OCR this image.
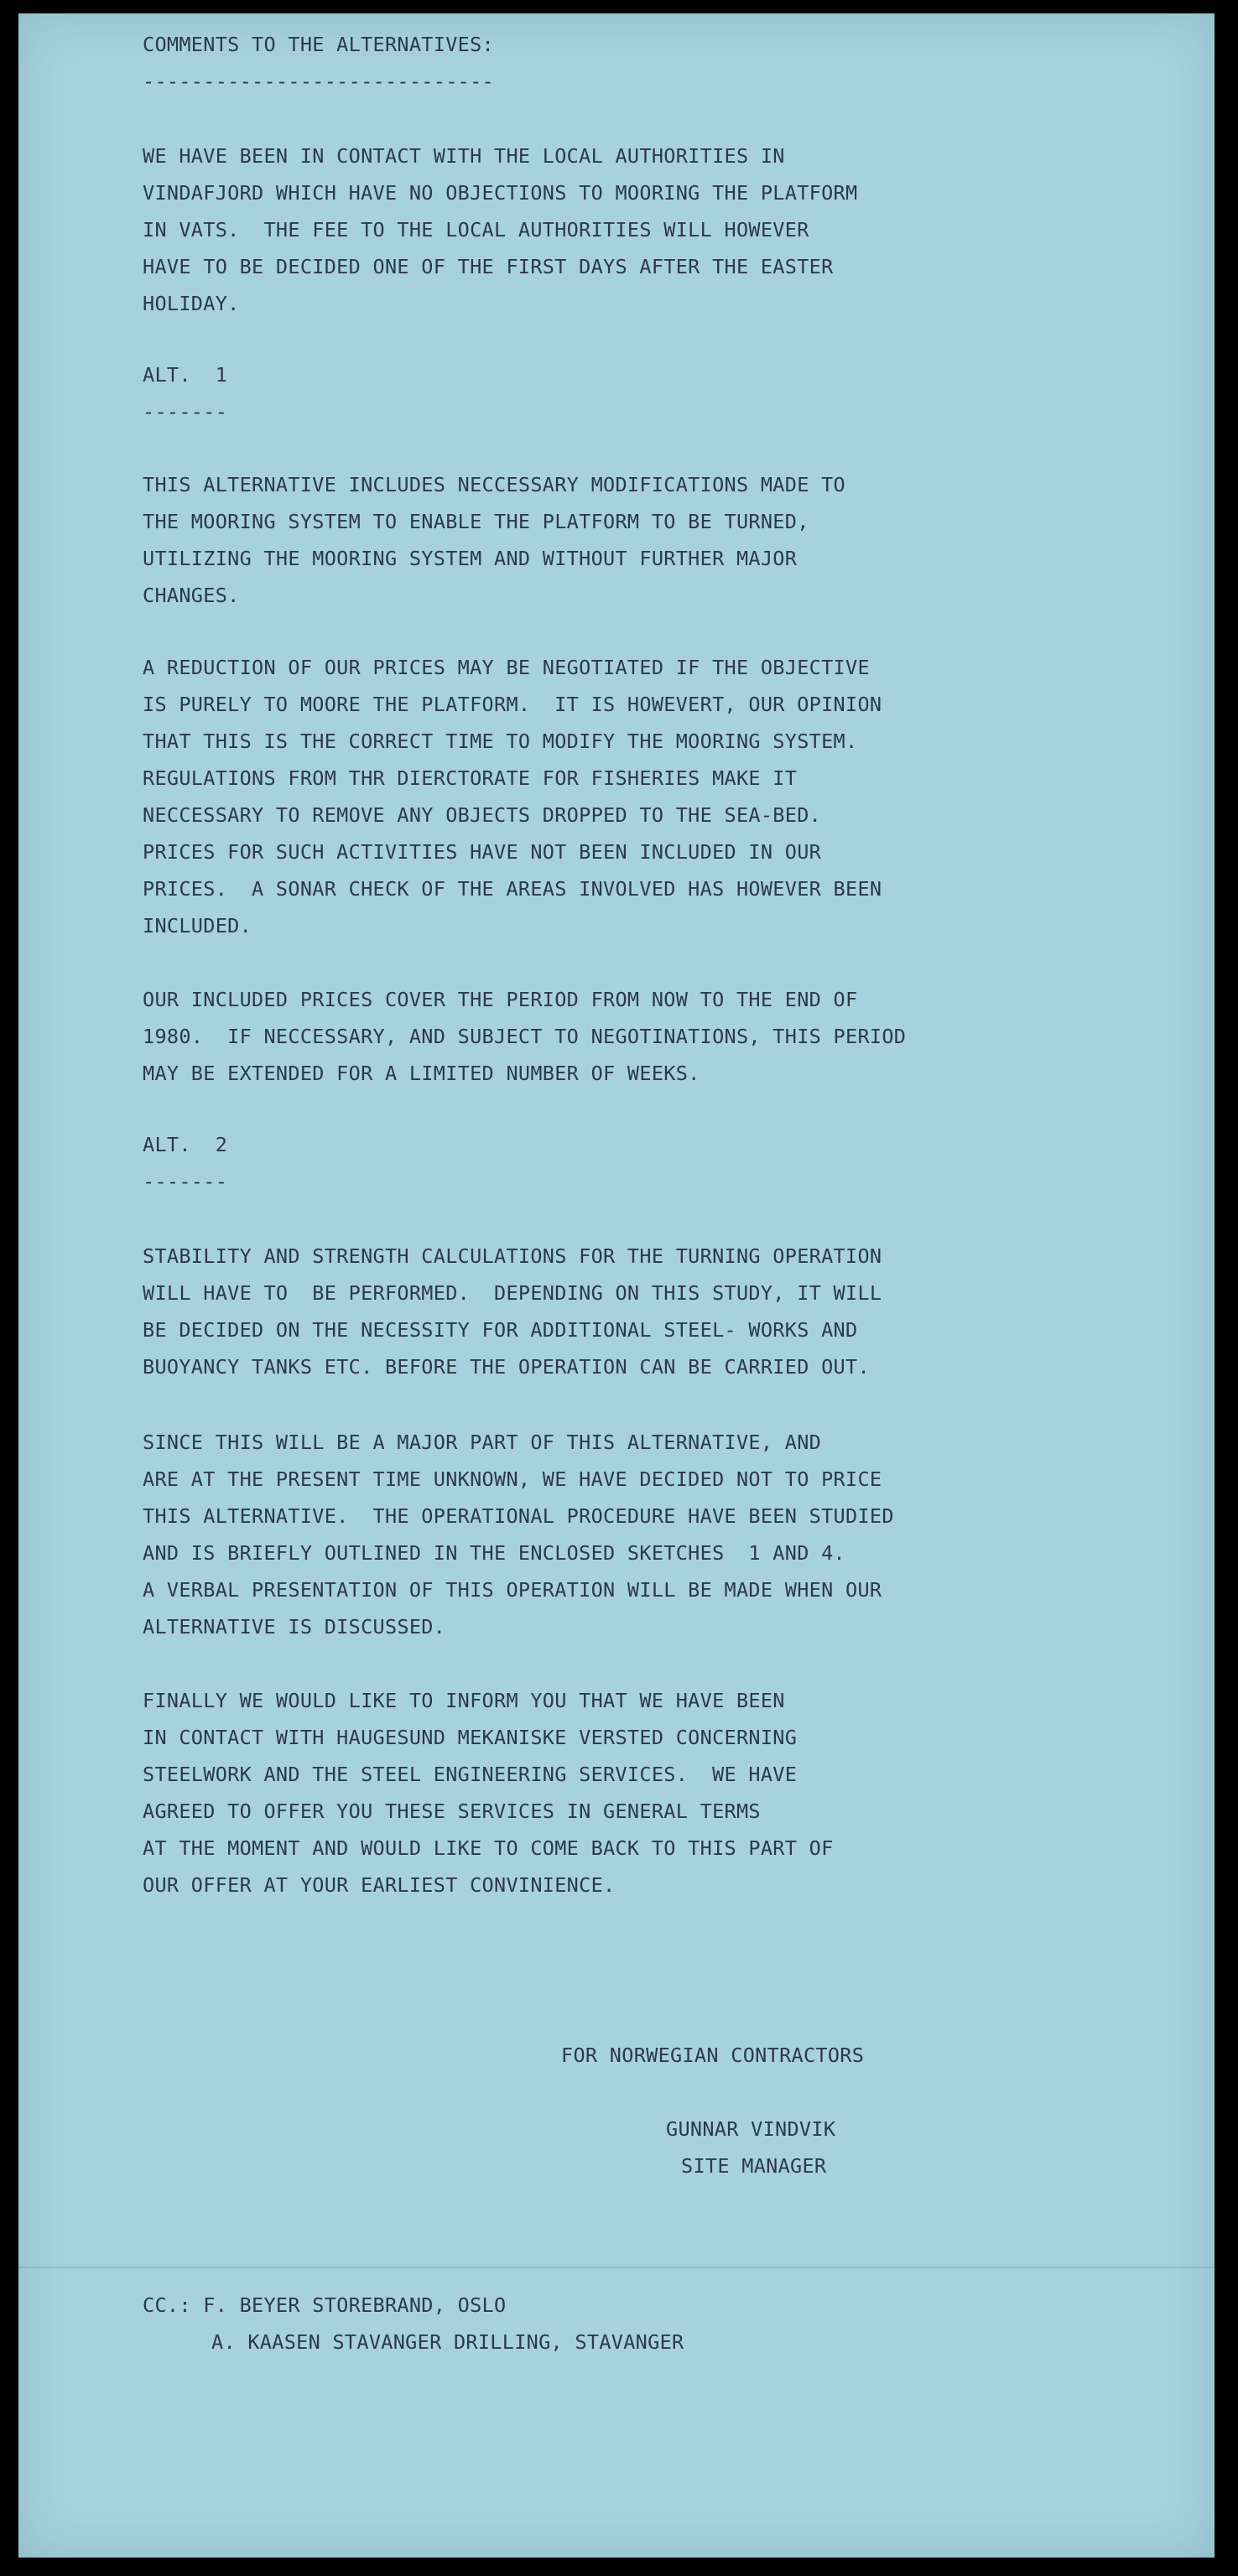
COMMENTS TO THE ALTERNATIVES:
-----------------------------
WE HAVE BEEN IN CONTACT WITH THE LOCAL AUTHORITIES IN
VINDAFJORD WHICH HAVE NO OBJECTIONS TO MOORING THE PLATFORM
IN VATS.  THE FEE TO THE LOCAL AUTHORITIES WILL HOWEVER
HAVE TO BE DECIDED ONE OF THE FIRST DAYS AFTER THE EASTER
HOLIDAY.
ALT.  1
-------
THIS ALTERNATIVE INCLUDES NECCESSARY MODIFICATIONS MADE TO
THE MOORING SYSTEM TO ENABLE THE PLATFORM TO BE TURNED,
UTILIZING THE MOORING SYSTEM AND WITHOUT FURTHER MAJOR
CHANGES.
A REDUCTION OF OUR PRICES MAY BE NEGOTIATED IF THE OBJECTIVE
IS PURELY TO MOORE THE PLATFORM.  IT IS HOWEVERT, OUR OPINION
THAT THIS IS THE CORRECT TIME TO MODIFY THE MOORING SYSTEM.
REGULATIONS FROM THR DIERCTORATE FOR FISHERIES MAKE IT
NECCESSARY TO REMOVE ANY OBJECTS DROPPED TO THE SEA-BED.
PRICES FOR SUCH ACTIVITIES HAVE NOT BEEN INCLUDED IN OUR
PRICES.  A SONAR CHECK OF THE AREAS INVOLVED HAS HOWEVER BEEN
INCLUDED.
OUR INCLUDED PRICES COVER THE PERIOD FROM NOW TO THE END OF
1980.  IF NECCESSARY, AND SUBJECT TO NEGOTINATIONS, THIS PERIOD
MAY BE EXTENDED FOR A LIMITED NUMBER OF WEEKS.
ALT.  2
-------
STABILITY AND STRENGTH CALCULATIONS FOR THE TURNING OPERATION
WILL HAVE TO  BE PERFORMED.  DEPENDING ON THIS STUDY, IT WILL
BE DECIDED ON THE NECESSITY FOR ADDITIONAL STEEL- WORKS AND
BUOYANCY TANKS ETC. BEFORE THE OPERATION CAN BE CARRIED OUT.
SINCE THIS WILL BE A MAJOR PART OF THIS ALTERNATIVE, AND
ARE AT THE PRESENT TIME UNKNOWN, WE HAVE DECIDED NOT TO PRICE
THIS ALTERNATIVE.  THE OPERATIONAL PROCEDURE HAVE BEEN STUDIED
AND IS BRIEFLY OUTLINED IN THE ENCLOSED SKETCHES  1 AND 4.
A VERBAL PRESENTATION OF THIS OPERATION WILL BE MADE WHEN OUR
ALTERNATIVE IS DISCUSSED.
FINALLY WE WOULD LIKE TO INFORM YOU THAT WE HAVE BEEN
IN CONTACT WITH HAUGESUND MEKANISKE VERSTED CONCERNING
STEELWORK AND THE STEEL ENGINEERING SERVICES.  WE HAVE
AGREED TO OFFER YOU THESE SERVICES IN GENERAL TERMS
AT THE MOMENT AND WOULD LIKE TO COME BACK TO THIS PART OF
OUR OFFER AT YOUR EARLIEST CONVINIENCE.
FOR NORWEGIAN CONTRACTORS
GUNNAR VINDVIK
SITE MANAGER
CC.: F. BEYER STOREBRAND, OSLO
A. KAASEN STAVANGER DRILLING, STAVANGER
